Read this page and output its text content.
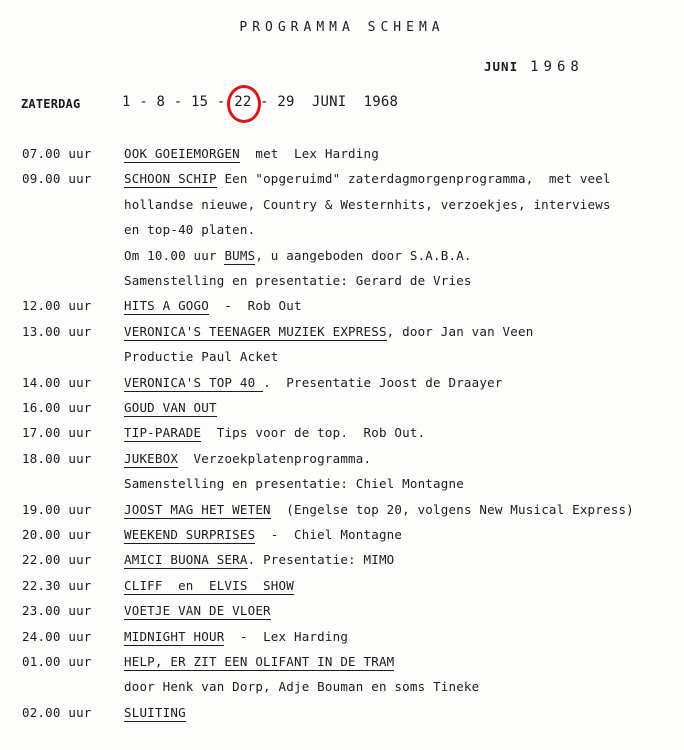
PROGRAMMA SCHEMA
JUNI 1968
ZATERDAG	1 - 8 - 15 - 22 - 29  JUNI  1968
07.00 uur	OOK GOEIEMORGEN  met  Lex Harding
09.00 uur	SCHOON SCHIP Een "opgeruimd" zaterdagmorgenprogramma,  met veel
hollandse nieuwe, Country & Westernhits, verzoekjes, interviews
en top-40 platen.
Om 10.00 uur BUMS, u aangeboden door S.A.B.A.
Samenstelling en presentatie: Gerard de Vries
12.00 uur	HITS A GOGO  -  Rob Out
13.00 uur	VERONICA'S TEENAGER MUZIEK EXPRESS, door Jan van Veen
Productie Paul Acket
14.00 uur	VERONICA'S TOP 40 .  Presentatie Joost de Draayer
16.00 uur	GOUD VAN OUT
17.00 uur	TIP-PARADE  Tips voor de top.  Rob Out.
18.00 uur	JUKEBOX  Verzoekplatenprogramma.
Samenstelling en presentatie: Chiel Montagne
19.00 uur	JOOST MAG HET WETEN  (Engelse top 20, volgens New Musical Express)
20.00 uur	WEEKEND SURPRISES  -  Chiel Montagne
22.00 uur	AMICI BUONA SERA. Presentatie: MIMO
22.30 uur	CLIFF  en  ELVIS  SHOW
23.00 uur	VOETJE VAN DE VLOER
24.00 uur	MIDNIGHT HOUR  -  Lex Harding
01.00 uur	HELP, ER ZIT EEN OLIFANT IN DE TRAM
door Henk van Dorp, Adje Bouman en soms Tineke
02.00 uur	SLUITING
